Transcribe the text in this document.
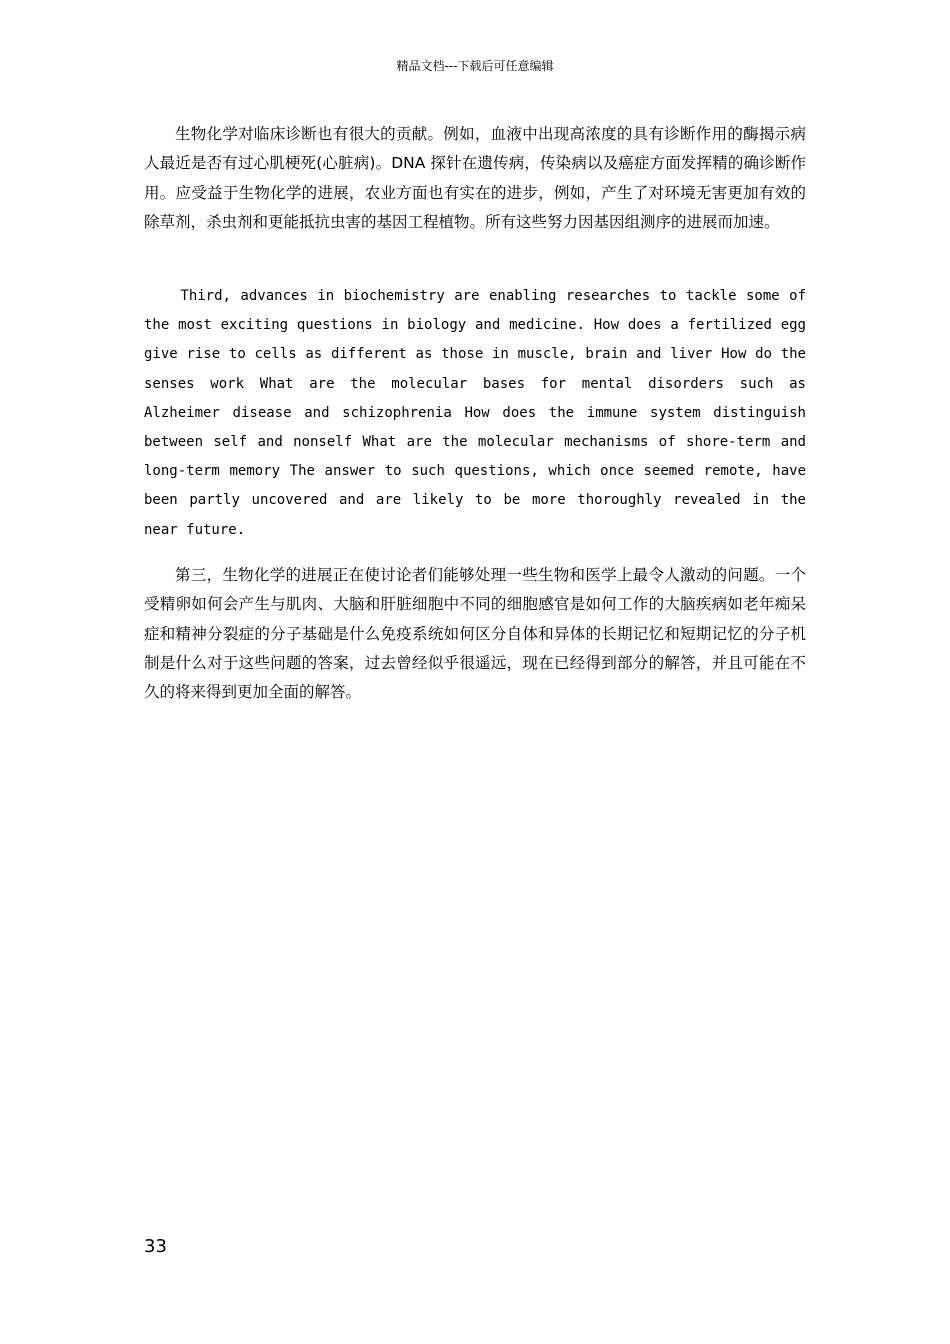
精品文档---下载后可任意编辑

生物化学对临床诊断也有很大的贡献。例如，血液中出现高浓度的具有诊断作用的酶揭示病人最近是否有过心肌梗死(心脏病)。DNA 探针在遗传病，传染病以及癌症方面发挥精的确诊断作用。应受益于生物化学的进展，农业方面也有实在的进步，例如，产生了对环境无害更加有效的除草剂，杀虫剂和更能抵抗虫害的基因工程植物。所有这些努力因基因组测序的进展而加速。

Third, advances in biochemistry are enabling researches to tackle some of the most exciting questions in biology and medicine. How does a fertilized egg give rise to cells as different as those in muscle, brain and liver How do the senses work What are the molecular bases for mental disorders such as Alzheimer disease and schizophrenia How does the immune system distinguish between self and nonself What are the molecular mechanisms of shore-term and long-term memory The answer to such questions, which once seemed remote, have been partly uncovered and are likely to be more thoroughly revealed in the near future.

第三，生物化学的进展正在使讨论者们能够处理一些生物和医学上最令人激动的问题。一个受精卵如何会产生与肌肉、大脑和肝脏细胞中不同的细胞感官是如何工作的大脑疾病如老年痴呆症和精神分裂症的分子基础是什么免疫系统如何区分自体和异体的长期记忆和短期记忆的分子机制是什么对于这些问题的答案，过去曾经似乎很遥远，现在已经得到部分的解答，并且可能在不久的将来得到更加全面的解答。

33
